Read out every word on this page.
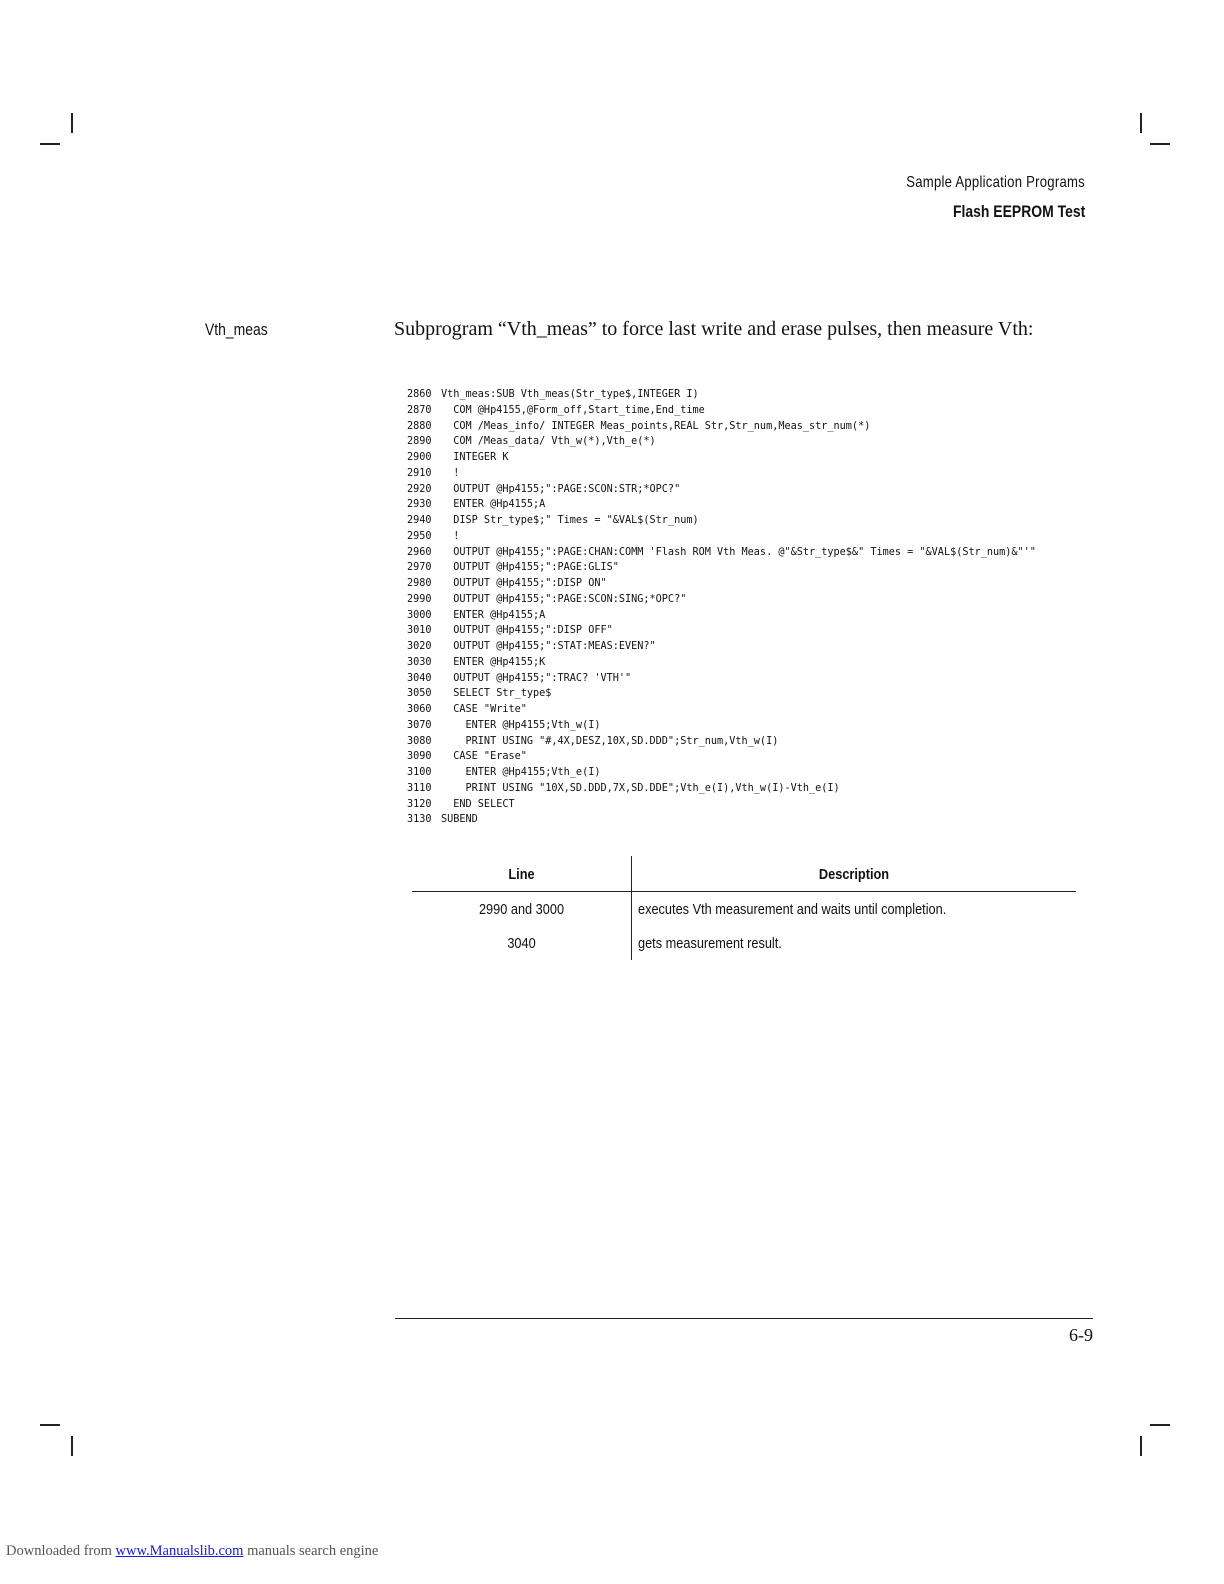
Sample Application Programs
Flash EEPROM Test
Vth_meas	Subprogram “Vth_meas” to force last write and erase pulses, then measure Vth:
2860 Vth_meas:SUB Vth_meas(Str_type$,INTEGER I)
2870  COM @Hp4155,@Form_off,Start_time,End_time
2880  COM /Meas_info/ INTEGER Meas_points,REAL Str,Str_num,Meas_str_num(*)
2890  COM /Meas_data/ Vth_w(*),Vth_e(*)
2900  INTEGER K
2910  !
2920  OUTPUT @Hp4155;":PAGE:SCON:STR;*OPC?"
2930  ENTER @Hp4155;A
2940  DISP Str_type$;" Times = "&VAL$(Str_num)
2950  !
2960  OUTPUT @Hp4155;":PAGE:CHAN:COMM 'Flash ROM Vth Meas. @"&Str_type$&" Times = "&VAL$(Str_num)&"'"
2970  OUTPUT @Hp4155;":PAGE:GLIS"
2980  OUTPUT @Hp4155;":DISP ON"
2990  OUTPUT @Hp4155;":PAGE:SCON:SING;*OPC?"
3000  ENTER @Hp4155;A
3010  OUTPUT @Hp4155;":DISP OFF"
3020  OUTPUT @Hp4155;":STAT:MEAS:EVEN?"
3030  ENTER @Hp4155;K
3040  OUTPUT @Hp4155;":TRAC? 'VTH'"
3050  SELECT Str_type$
3060  CASE "Write"
3070    ENTER @Hp4155;Vth_w(I)
3080    PRINT USING "#,4X,DESZ,10X,SD.DDD";Str_num,Vth_w(I)
3090  CASE "Erase"
3100    ENTER @Hp4155;Vth_e(I)
3110    PRINT USING "10X,SD.DDD,7X,SD.DDE";Vth_e(I),Vth_w(I)-Vth_e(I)
3120  END SELECT
3130 SUBEND
Line	Description
2990 and 3000	executes Vth measurement and waits until completion.
3040	gets measurement result.
6-9
Downloaded from www.Manualslib.com manuals search engine
